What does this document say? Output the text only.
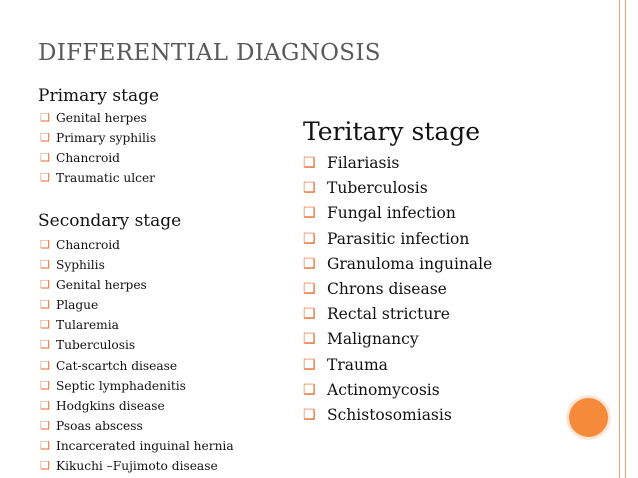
DIFFERENTIAL DIAGNOSIS
Primary stage
❑ Genital herpes
❑ Primary syphilis
❑ Chancroid
❑ Traumatic ulcer
Secondary stage
❑ Chancroid
❑ Syphilis
❑ Genital herpes
❑ Plague
❑ Tularemia
❑ Tuberculosis
❑ Cat-scartch disease
❑ Septic lymphadenitis
❑ Hodgkins disease
❑ Psoas abscess
❑ Incarcerated inguinal hernia
❑ Kikuchi –Fujimoto disease
Teritary stage
❑ Filariasis
❑ Tuberculosis
❑ Fungal infection
❑ Parasitic infection
❑ Granuloma inguinale
❑ Chrons disease
❑ Rectal stricture
❑ Malignancy
❑ Trauma
❑ Actinomycosis
❑ Schistosomiasis
